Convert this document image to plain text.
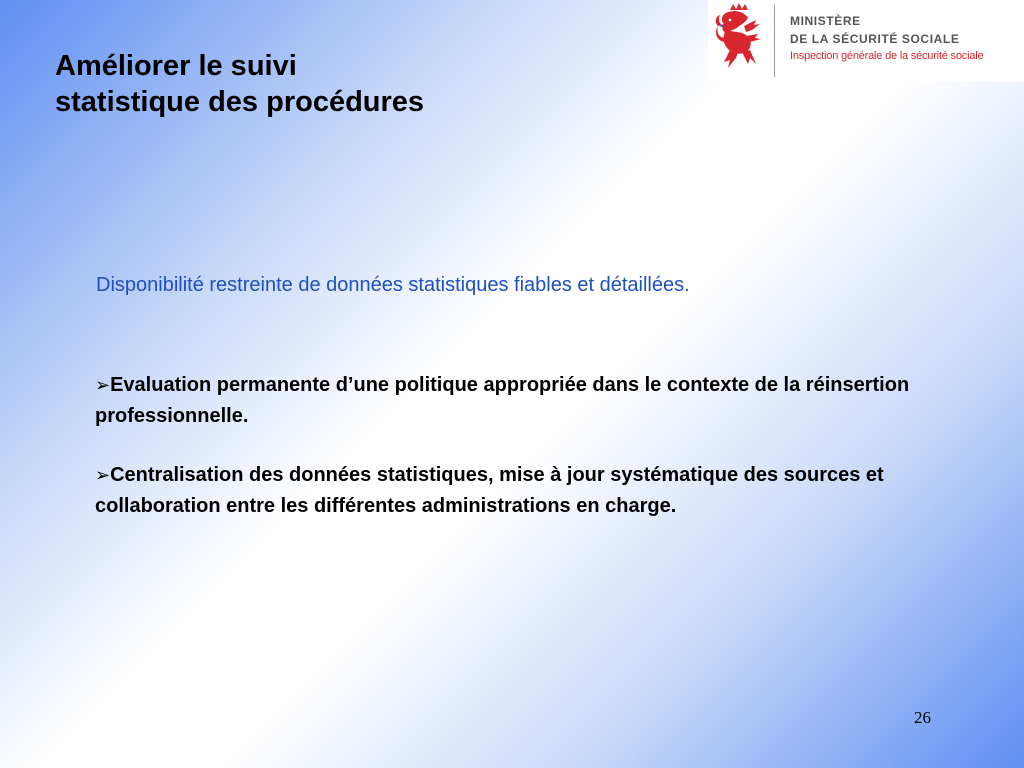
Améliorer le suivi
statistique des procédures
MINISTÈRE
DE LA SÉCURITÉ SOCIALE
Inspection générale de la sécurité sociale

Disponibilité restreinte de données statistiques fiables et détaillées.

➢Evaluation permanente d’une politique appropriée dans le contexte de la réinsertion professionnelle.

➢Centralisation des données statistiques, mise à jour systématique des sources et collaboration entre les différentes administrations en charge.

26
